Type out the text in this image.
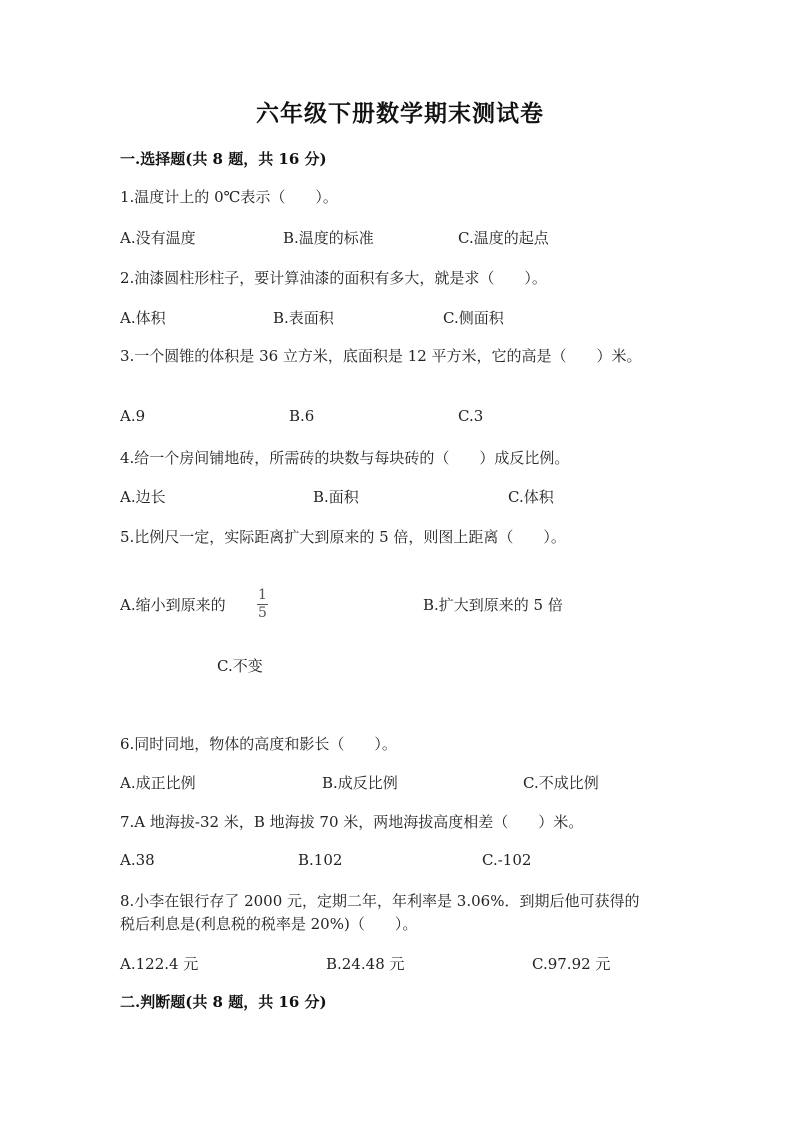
六年级下册数学期末测试卷
一.选择题(共 8 题，共 16 分)
1.温度计上的 0℃表示（　　）。
A.没有温度	B.温度的标准	C.温度的起点
2.油漆圆柱形柱子，要计算油漆的面积有多大，就是求（　　）。
A.体积	B.表面积	C.侧面积
3.一个圆锥的体积是 36 立方米，底面积是 12 平方米，它的高是（　　）米。
A.9	B.6	C.3
4.给一个房间铺地砖，所需砖的块数与每块砖的（　　）成反比例。
A.边长	B.面积	C.体积
5.比例尺一定，实际距离扩大到原来的 5 倍，则图上距离（　　）。
A.缩小到原来的
1
5	B.扩大到原来的 5 倍
C.不变
6.同时同地，物体的高度和影长（　　）。
A.成正比例	B.成反比例	C.不成比例
7.A 地海拔-32 米，B 地海拔 70 米，两地海拔高度相差（　　）米。
A.38	B.102	C.-102
8.小李在银行存了 2000 元，定期二年，年利率是 3.06%．到期后他可获得的
税后利息是(利息税的税率是 20%)（　　）。
A.122.4 元	B.24.48 元	C.97.92 元
二.判断题(共 8 题，共 16 分)
